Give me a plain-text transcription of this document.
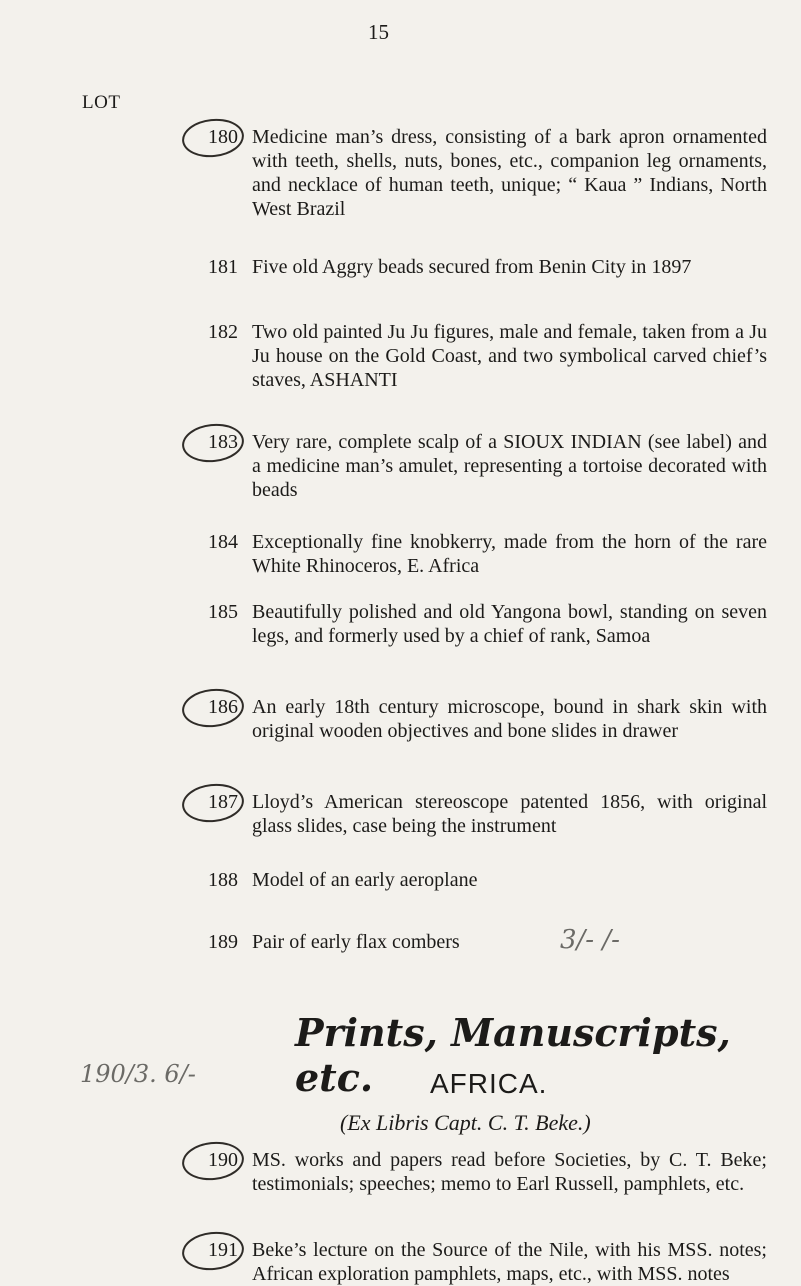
15
LOT
180 Medicine man’s dress, consisting of a bark apron ornamented with teeth, shells, nuts, bones, etc., companion leg ornaments, and necklace of human teeth, unique; “ Kaua ” Indians, North West Brazil
181 Five old Aggry beads secured from Benin City in 1897
182 Two old painted Ju Ju figures, male and female, taken from a Ju Ju house on the Gold Coast, and two symbolical carved chief’s staves, ASHANTI
183 Very rare, complete scalp of a SIOUX INDIAN (see label) and a medicine man’s amulet, representing a tortoise decorated with beads
184 Exceptionally fine knobkerry, made from the horn of the rare White Rhinoceros, E. Africa
185 Beautifully polished and old Yangona bowl, standing on seven legs, and formerly used by a chief of rank, Samoa
186 An early 18th century microscope, bound in shark skin with original wooden objectives and bone slides in drawer
187 Lloyd’s American stereoscope patented 1856, with original glass slides, case being the instrument
188 Model of an early aeroplane
189 Pair of early flax combers	3/- /-
Prints, Manuscripts, etc.
190/3. 6/-	AFRICA.
(Ex Libris Capt. C. T. Beke.)
190 MS. works and papers read before Societies, by C. T. Beke; testimonials; speeches; memo to Earl Russell, pamphlets, etc.
191 Beke’s lecture on the Source of the Nile, with his MSS. notes; African exploration pamphlets, maps, etc., with MSS. notes
